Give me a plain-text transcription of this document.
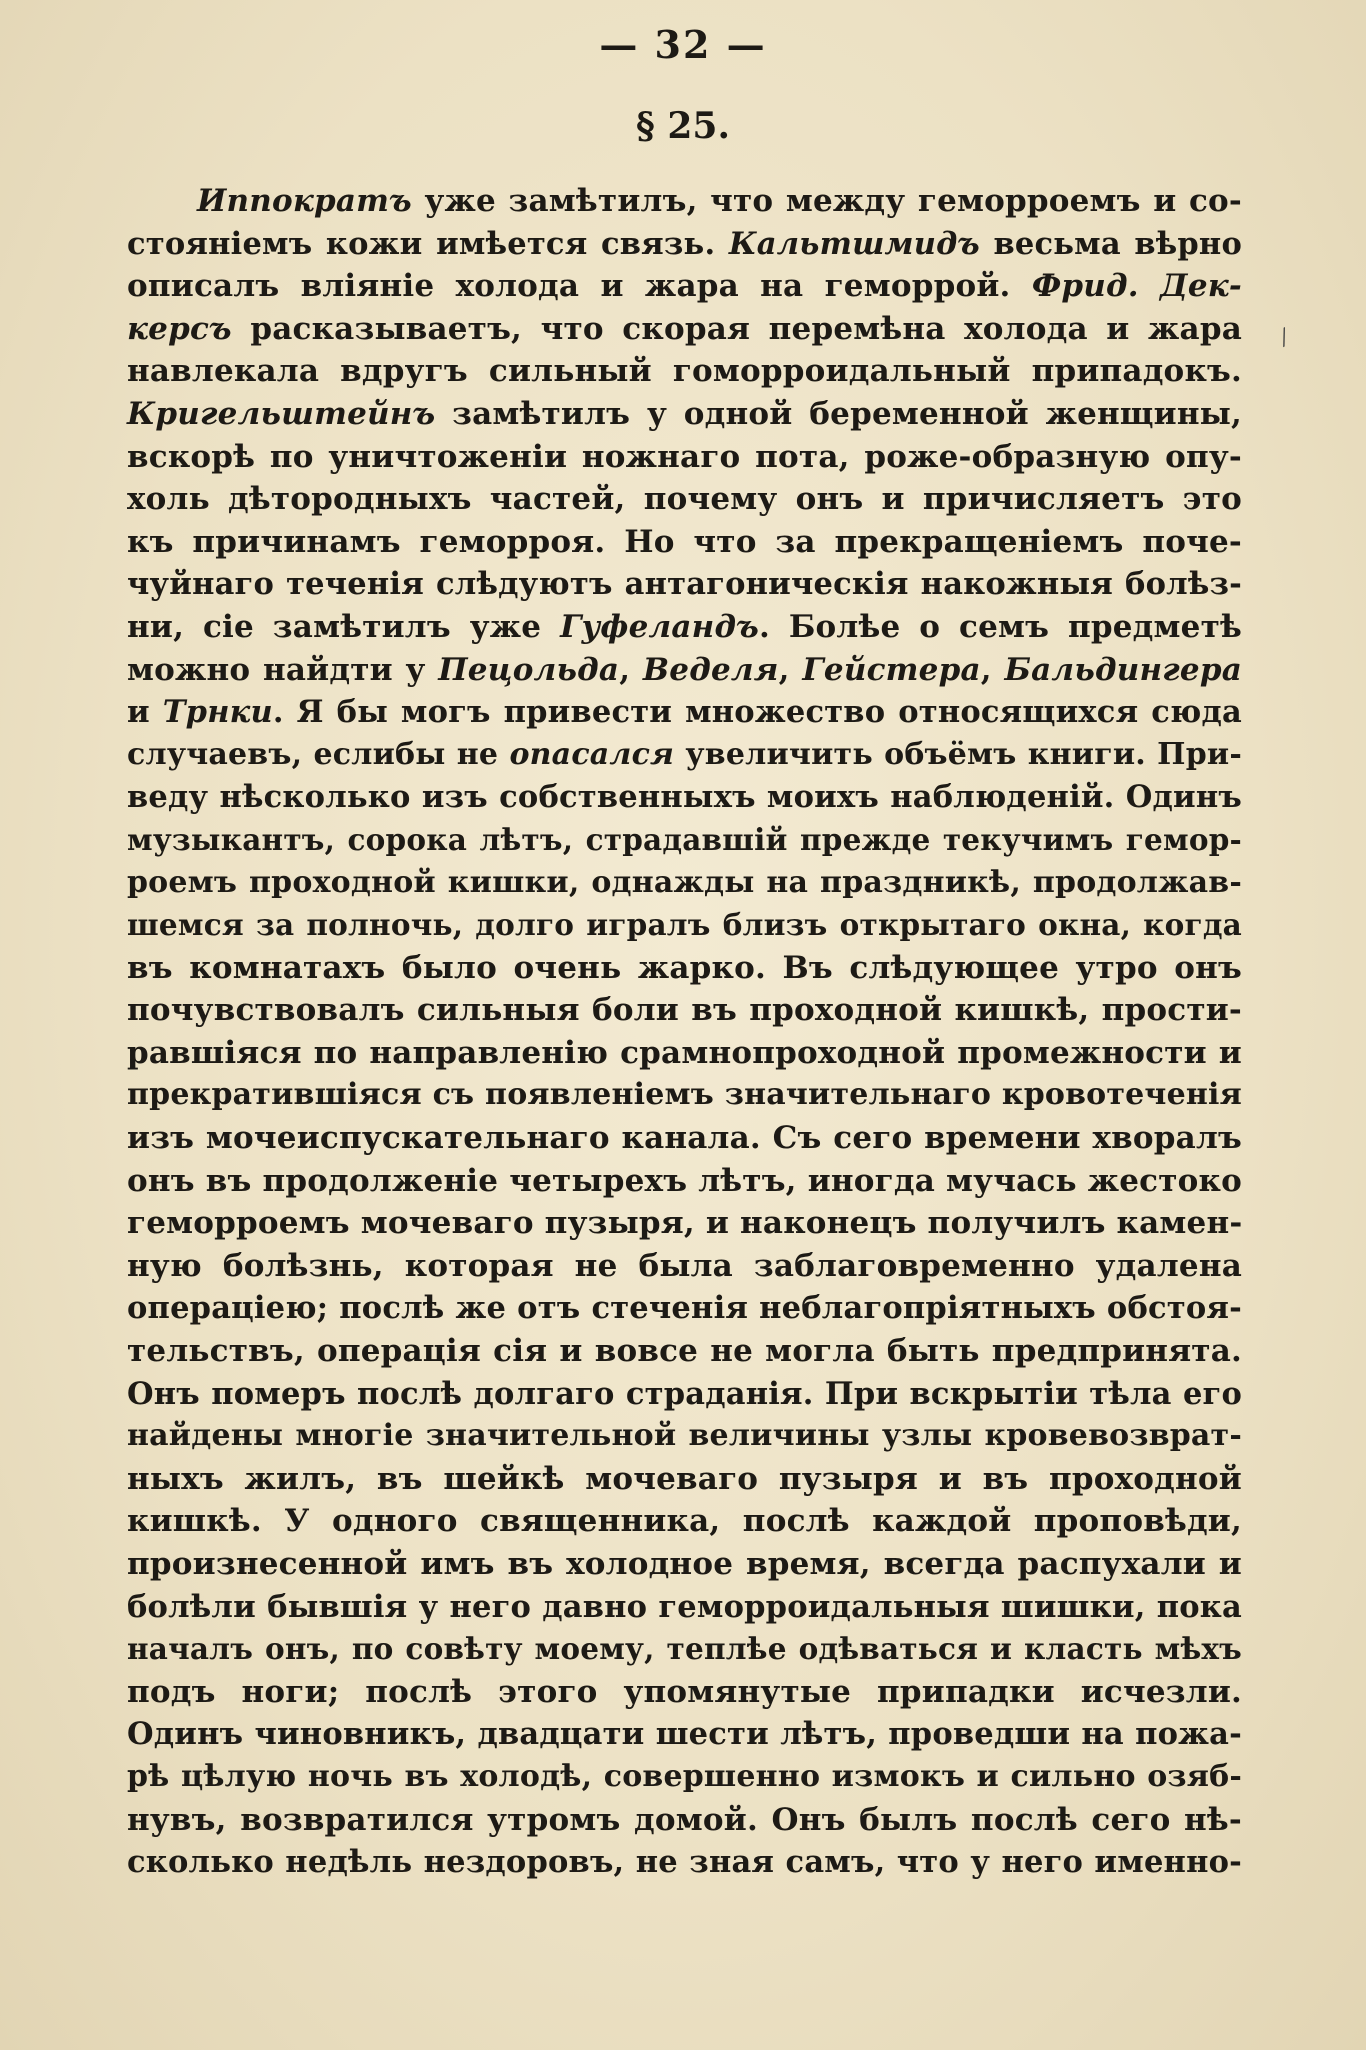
— 32 —
§ 25.
Иппократъ уже замѣтилъ, что между геморроемъ и со-
стояніемъ кожи имѣется связь. Кальтшмидъ весьма вѣрно
описалъ вліяніе холода и жара на геморрой. Фрид. Дек-
керсъ расказываетъ, что скорая перемѣна холода и жара
навлекала вдругъ сильный гоморроидальный припадокъ.
Кригельштейнъ замѣтилъ у одной беременной женщины,
вскорѣ по уничтоженіи ножнаго пота, роже-образную опу-
холь дѣтородныхъ частей, почему онъ и причисляетъ это
къ причинамъ геморроя. Но что за прекращеніемъ поче-
чуйнаго теченія слѣдуютъ антагоническія накожныя болѣз-
ни, сіе замѣтилъ уже Гуфеландъ. Болѣе о семъ предметѣ
можно найдти у Пецольда, Веделя, Гейстера, Бальдингера
и Трнки. Я бы могъ привести множество относящихся сюда
случаевъ, еслибы не опасался увеличить объёмъ книги. При-
веду нѣсколько изъ собственныхъ моихъ наблюденій. Одинъ
музыкантъ, сорока лѣтъ, страдавшій прежде текучимъ гемор-
роемъ проходной кишки, однажды на праздникѣ, продолжав-
шемся за полночь, долго игралъ близъ открытаго окна, когда
въ комнатахъ было очень жарко. Въ слѣдующее утро онъ
почувствовалъ сильныя боли въ проходной кишкѣ, прости-
равшіяся по направленію срамнопроходной промежности и
прекратившіяся съ появленіемъ значительнаго кровотеченія
изъ мочеиспускательнаго канала. Съ сего времени хворалъ
онъ въ продолженіе четырехъ лѣтъ, иногда мучась жестоко
геморроемъ мочеваго пузыря, и наконецъ получилъ камен-
ную болѣзнь, которая не была заблаговременно удалена
операціею; послѣ же отъ стеченія неблагопріятныхъ обстоя-
тельствъ, операція сія и вовсе не могла быть предпринята.
Онъ померъ послѣ долгаго страданія. При вскрытіи тѣла его
найдены многіе значительной величины узлы кровевозврат-
ныхъ жилъ, въ шейкѣ мочеваго пузыря и въ проходной
кишкѣ. У одного священника, послѣ каждой проповѣди,
произнесенной имъ въ холодное время, всегда распухали и
болѣли бывшія у него давно геморроидальныя шишки, пока
началъ онъ, по совѣту моему, теплѣе одѣваться и класть мѣхъ
подъ ноги; послѣ этого упомянутые припадки исчезли.
Одинъ чиновникъ, двадцати шести лѣтъ, проведши на пожа-
рѣ цѣлую ночь въ холодѣ, совершенно измокъ и сильно озяб-
нувъ, возвратился утромъ домой. Онъ былъ послѣ сего нѣ-
сколько недѣль нездоровъ, не зная самъ, что у него именно-
⁄
